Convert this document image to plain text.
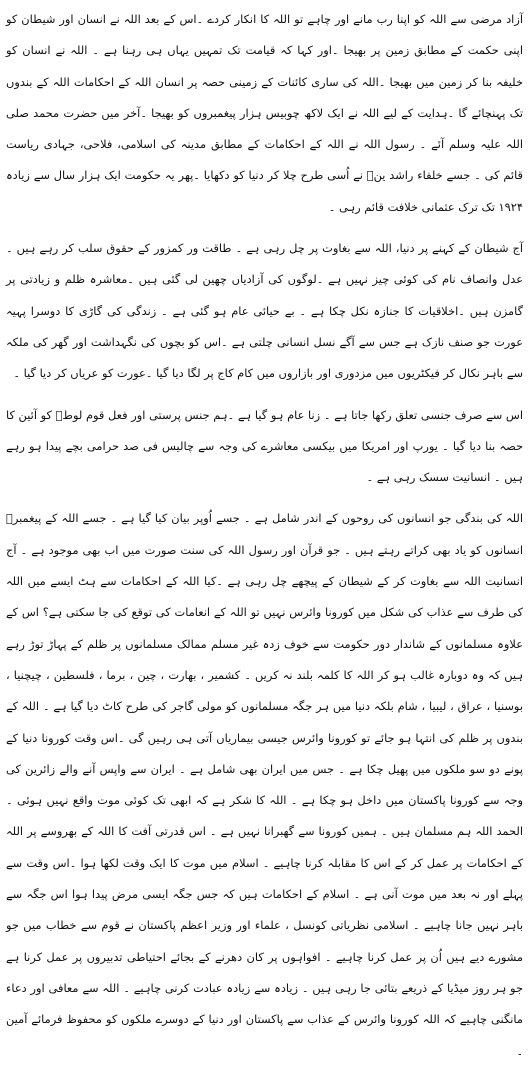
آزاد مرضی سے اللہ کو اپنا رب مانے اور چاہے تو اللہ کا انکار کردے ۔اس کے بعد اللہ نے انسان اور شیطان کو اپنی حکمت کے مطابق زمین پر بھیجا ۔اور کہا کہ قیامت تک تمہیں یہاں ہی رہنا ہے ۔ اللہ نے انسان کو خلیفہ بنا کر زمین میں بھیجا ۔اللہ کی ساری کائنات کے زمینی حصہ پر انسان اللہ کے احکامات اللہ کے بندوں تک پہنچائے گا ۔ہدایت کے لیے اللہ نے ایک لاکھ چوبیس ہزار پیغمبروں کو بھیجا ۔آخر میں حضرت محمد صلی اللہ علیہ وسلم آئے ۔ رسول اللہ نے اللہ کے احکامات کے مطابق مدینہ کی اسلامی، فلاحی، جہادی ریاست قائم کی ۔ جسے خلفاء راشد ینؓ نے اُسی طرح چلا کر دنیا کو دکھایا ۔پھر یہ حکومت ایک ہزار سال سے زیادہ ۱۹۲۴ تک ترک عثمانی خلافت قائم رہی ۔

آج شیطان کے کہنے پر دنیا، اللہ سے بغاوت پر چل رہی ہے ۔ طاقت ور کمزور کے حقوق سلب کر رہے ہیں ۔عدل وانصاف نام کی کوئی چیز نہیں ہے ۔لوگوں کی آزادیاں چھین لی گئی ہیں ۔معاشرہ ظلم و زیادتی پر گامزن ہیں ۔اخلاقیات کا جنازہ نکل چکا ہے ۔ بے حیائی عام ہو گئی ہے ۔ زندگی کی گاڑی کا دوسرا پہیہ عورت جو صنف نازک ہے جس سے آگے نسل انسانی چلتی ہے ۔اس کو بچوں کی نگہداشت اور گھر کی ملکہ سے باہر نکال کر فیکٹریوں میں مزدوری اور بازاروں میں کام کاج پر لگا دیا گیا ۔عورت کو عریاں کر دیا گیا ۔

اس سے صرف جنسی تعلق رکھا جاتا ہے ۔ زنا عام ہو گیا ہے ۔ہم جنس پرستی اور فعل قوم لوطؑ کو آئین کا حصہ بنا دیا گیا ۔ یورپ اور امریکا میں بیکسی معاشرے کی وجہ سے چالیس فی صد حرامی بچے پیدا ہو رہے ہیں ۔ انسانیت سسک رہی ہے ۔

اللہ کی بندگی جو انسانوں کی روحوں کے اندر شامل ہے ۔ جسے اُوپر بیان کیا گیا ہے ۔ جسے اللہ کے پیغمبرؑ انسانوں کو یاد بھی کراتے رہتے ہیں ۔ جو قرآن اور رسول اللہ کی سنت صورت میں اب بھی موجود ہے ۔ آج انسانیت اللہ سے بغاوت کر کے شیطان کے پیچھے چل رہی ہے ۔کیا اللہ کے احکامات سے ہٹ ایسے میں اللہ کی طرف سے عذاب کی شکل میں کورونا وائرس نہیں تو اللہ کے انعامات کی توقع کی جا سکتی ہے؟ اس کے علاوہ مسلمانوں کے شاندار دور حکومت سے خوف زدہ غیر مسلم ممالک مسلمانوں پر ظلم کے پہاڑ توڑ رہے ہیں کہ وہ دوبارہ غالب ہو کر اللہ کا کلمہ بلند نہ کریں ۔ کشمیر ، بھارت ، چین ، برما ، فلسطین ، چیچنیا ، بوسنیا ، عراق ، لیبیا ، شام بلکہ دنیا میں ہر جگہ مسلمانوں کو مولی گاجر کی طرح کاٹ دیا گیا ہے ۔ اللہ کے بندوں پر ظلم کی انتہا ہو جائے تو کورونا وائرس جیسی بیماریاں آتی ہی رہیں گی ۔اس وقت کورونا دنیا کے پونے دو سو ملکوں میں پھیل چکا ہے ۔ جس میں ایران بھی شامل ہے ۔ ایران سے واپس آنے والے زائرین کی وجہ سے کورونا پاکستان میں داخل ہو چکا ہے ۔ اللہ کا شکر ہے کہ ابھی تک کوئی موت واقع نہیں ہوئی ۔الحمد اللہ ہم مسلمان ہیں ۔ ہمیں کورونا سے گھبرانا نہیں ہے ۔ اس قدرتی آفت کا اللہ کے بھروسے پر اللہ کے احکامات پر عمل کر کے اس کا مقابلہ کرنا چاہیے ۔ اسلام میں موت کا ایک وقت لکھا ہوا ۔اس وقت سے پہلے اور نہ بعد میں موت آنی ہے ۔ اسلام کے احکامات ہیں کہ جس جگہ ایسی مرض پیدا ہوا اس جگہ سے باہر نہیں جانا چاہیے ۔ اسلامی نظریاتی کونسل ، علماء اور وزیر اعظم پاکستان نے قوم سے خطاب میں جو مشورے دیے ہیں اُن پر عمل کرنا چاہیے ۔ افواہوں پر کان دھرنے کے بجائے احتیاطی تدبیروں پر عمل کرنا ہے جو ہر روز میڈیا کے ذریعے بتائی جا رہی ہیں ۔ زیادہ سے زیادہ عبادت کرنی چاہیے ۔ اللہ سے معافی اور دعاء مانگنی چاہیے کہ اللہ کورونا وائرس کے عذاب سے پاکستان اور دنیا کے دوسرے ملکوں کو محفوظ فرمائے آمین ۔
